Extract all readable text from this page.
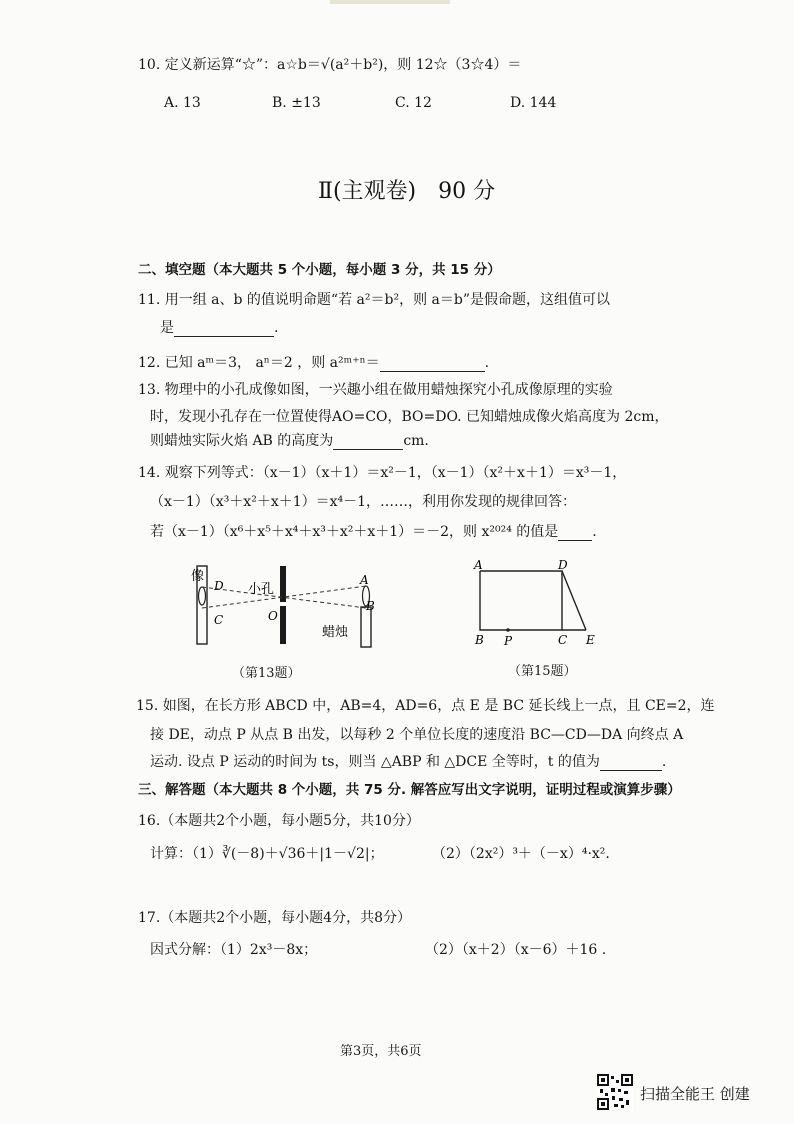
10. 定义新运算“☆”：a☆b＝√(a²＋b²)，则 12☆（3☆4）＝
A. 13	B. ±13	C. 12	D. 144
Ⅱ(主观卷)　90 分
二、填空题（本大题共 5 个小题，每小题 3 分，共 15 分）
11. 用一组 a、b 的值说明命题“若 a²＝b²，则 a＝b”是假命题，这组值可以
是	.
12. 已知 aᵐ＝3， aⁿ＝2 ，则 a²ᵐ⁺ⁿ＝	.
13. 物理中的小孔成像如图，一兴趣小组在做用蜡烛探究小孔成像原理的实验
时，发现小孔存在一位置使得AO=CO，BO=DO. 已知蜡烛成像火焰高度为 2cm，
则蜡烛实际火焰 AB 的高度为	cm.
14. 观察下列等式：（x－1）（x＋1）＝x²－1，（x－1）（x²＋x＋1）＝x³－1，
（x－1）（x³＋x²＋x＋1）＝x⁴－1，……，利用你发现的规律回答：
若（x－1）（x⁶＋x⁵＋x⁴＋x³＋x²＋x＋1）＝－2，则 x²⁰²⁴ 的值是 .
像
D
C
小孔
O
A
B
蜡烛
（第13题）
A	D
B P	C E
（第15题）
15. 如图，在长方形 ABCD 中，AB=4，AD=6，点 E 是 BC 延长线上一点，且 CE=2，连
接 DE，动点 P 从点 B 出发，以每秒 2 个单位长度的速度沿 BC—CD—DA 向终点 A
运动. 设点 P 运动的时间为 ts，则当 △ABP 和 △DCE 全等时，t 的值为	.
三、解答题（本大题共 8 个小题，共 75 分. 解答应写出文字说明，证明过程或演算步骤）
16.（本题共2个小题，每小题5分，共10分）
计算：（1）∛(－8)＋√36＋|1－√2|；	（2）（2x²）³＋（－x）⁴·x².
17.（本题共2个小题，每小题4分，共8分）
因式分解：（1）2x³－8x；	（2）（x＋2）（x－6）＋16 .
第3页，共6页
扫描全能王 创建
